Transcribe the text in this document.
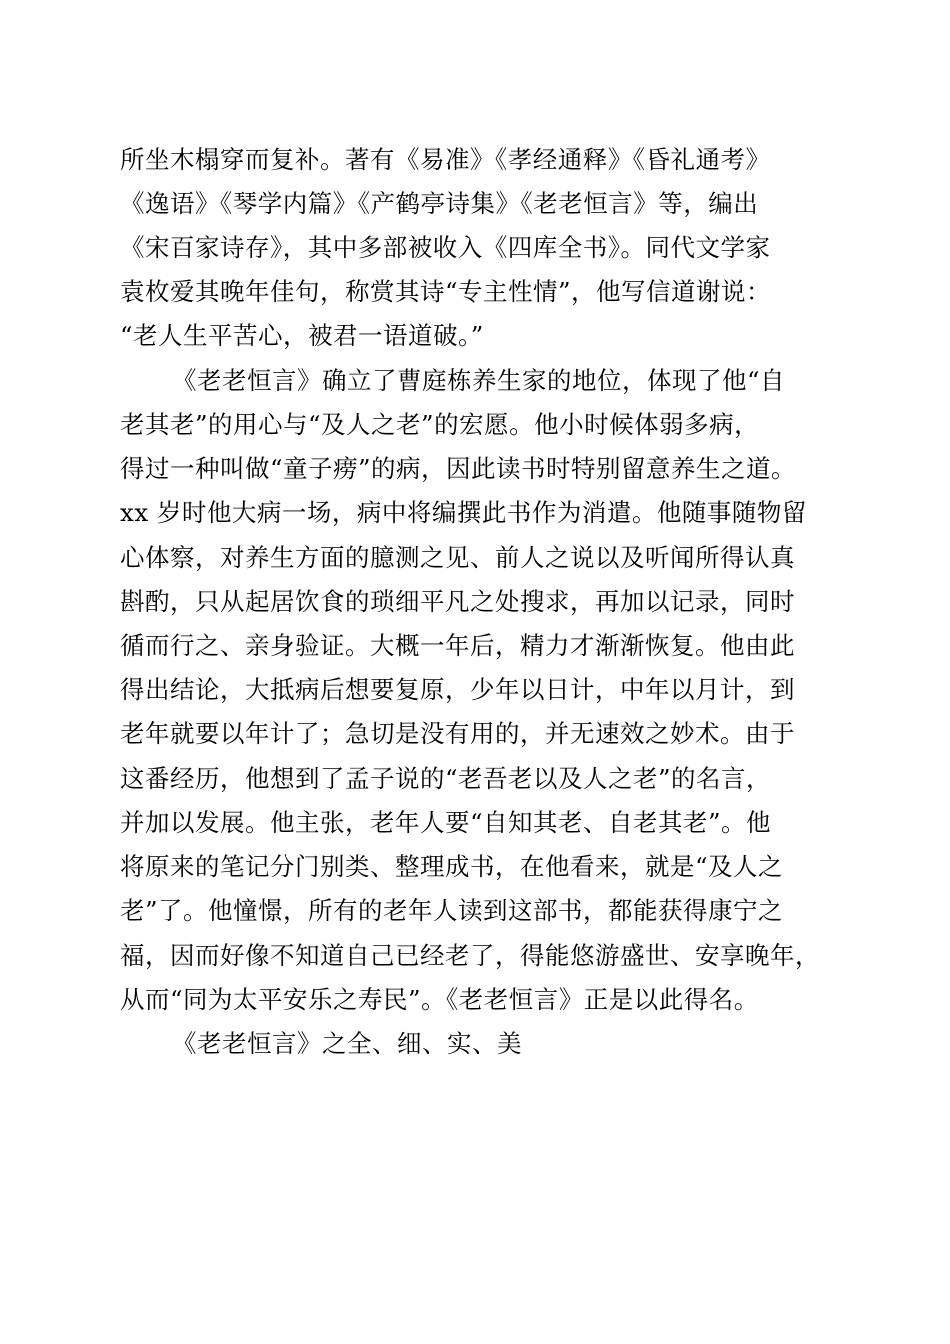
所坐木榻穿而复补。著有《易准》《孝经通释》《昏礼通考》
《逸语》《琴学内篇》《产鹤亭诗集》《老老恒言》等，编出
《宋百家诗存》，其中多部被收入《四库全书》。同代文学家
袁枚爱其晚年佳句，称赏其诗“专主性情”，他写信道谢说：
“老人生平苦心，被君一语道破。”
《老老恒言》确立了曹庭栋养生家的地位，体现了他“自
老其老”的用心与“及人之老”的宏愿。他小时候体弱多病，
得过一种叫做“童子痨”的病，因此读书时特别留意养生之道。
xx 岁时他大病一场，病中将编撰此书作为消遣。他随事随物留
心体察，对养生方面的臆测之见、前人之说以及听闻所得认真
斟酌，只从起居饮食的琐细平凡之处搜求，再加以记录，同时
循而行之、亲身验证。大概一年后，精力才渐渐恢复。他由此
得出结论，大抵病后想要复原，少年以日计，中年以月计，到
老年就要以年计了；急切是没有用的，并无速效之妙术。由于
这番经历，他想到了孟子说的“老吾老以及人之老”的名言，
并加以发展。他主张，老年人要“自知其老、自老其老”。他
将原来的笔记分门别类、整理成书，在他看来，就是“及人之
老”了。他憧憬，所有的老年人读到这部书，都能获得康宁之
福，因而好像不知道自己已经老了，得能悠游盛世、安享晚年，
从而“同为太平安乐之寿民”。《老老恒言》正是以此得名。
《老老恒言》之全、细、实、美
